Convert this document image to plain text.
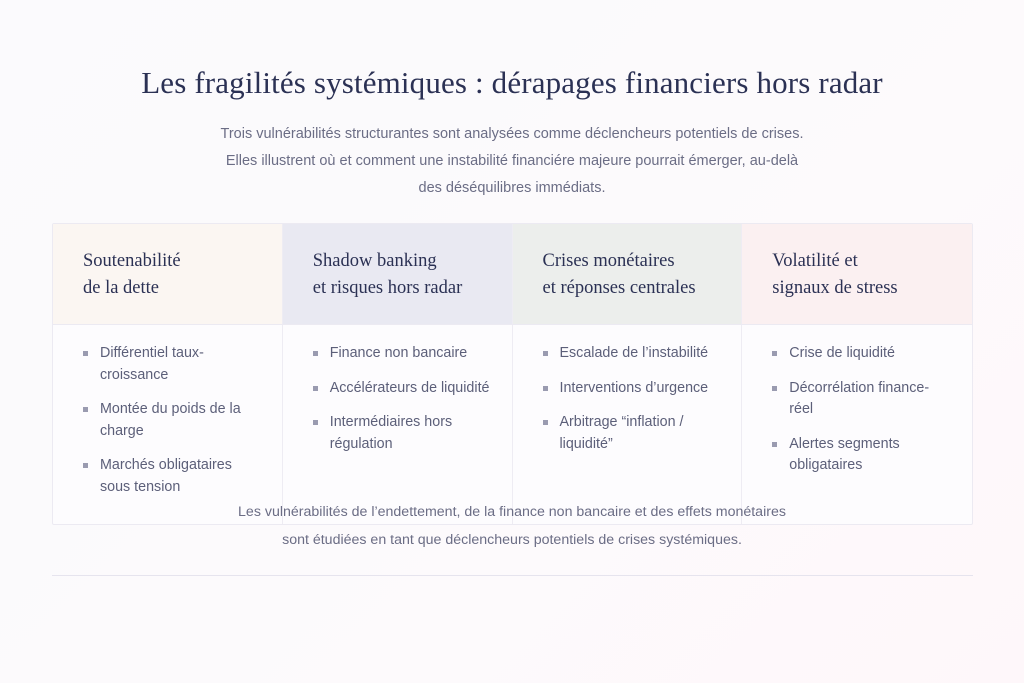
Les fragilités systémiques : dérapages financiers hors radar
Trois vulnérabilités structurantes sont analysées comme déclencheurs potentiels de crises.
Elles illustrent où et comment une instabilité financiére majeure pourrait émerger, au-delà
des déséquilibres immédiats.
Soutenabilité
de la dette
Shadow banking
et risques hors radar
Crises monétaires
et réponses centrales
Volatilité et
signaux de stress
Différentiel taux-croissance
Montée du poids de la charge
Marchés obligataires sous tension
Finance non bancaire
Accélérateurs de liquidité
Intermédiaires hors régulation
Escalade de l’instabilité
Interventions d’urgence
Arbitrage “inflation / liquidité”
Crise de liquidité
Décorrélation finance-réel
Alertes segments obligataires
Les vulnérabilités de l’endettement, de la finance non bancaire et des effets monétaires
sont étudiées en tant que déclencheurs potentiels de crises systémiques.
